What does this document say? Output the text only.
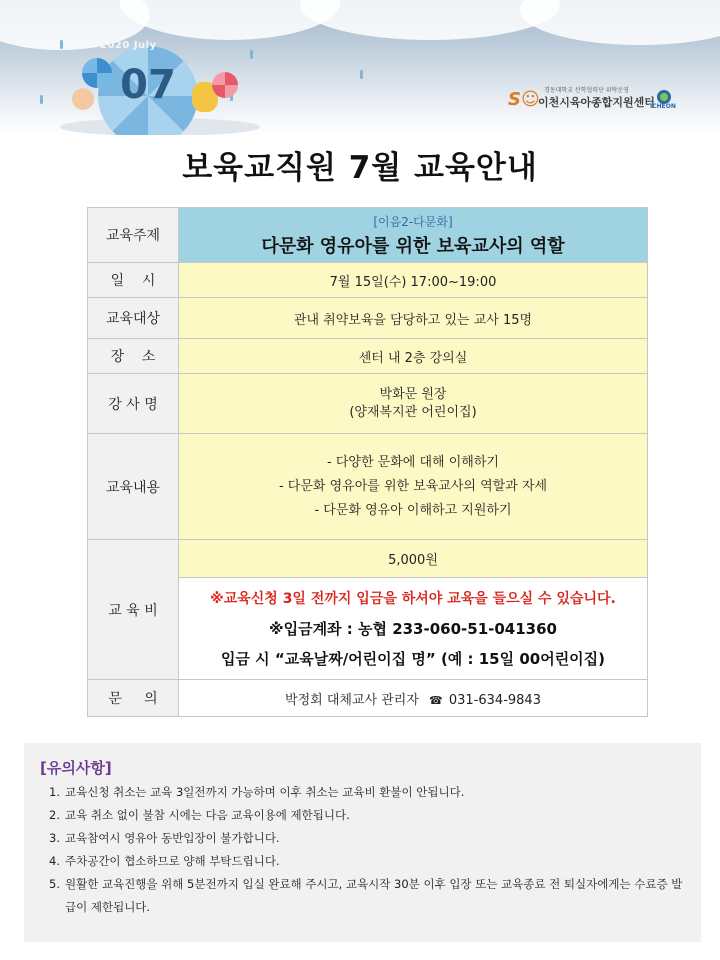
2020 July
07	S☺ 경동대학교 산학협력단 위탁운영
이천시육아종합지원센터
ICHEON
보육교직원 7월 교육안내
교육주제	[이음2-다문화]
다문화 영유아를 위한 보육교사의 역할

일    시	7월 15일(수) 17:00~19:00
교육대상	관내 취약보육을 담당하고 있는 교사 15명
장    소	센터 내 2층 강의실
강 사 명	박화문 원장
(양재복지관 어린이집)

교육내용	- 다양한 문화에 대해 이해하기
- 다문화 영유아를 위한 보육교사의 역할과 자세
- 다문화 영유아 이해하고 지원하기

교 육 비	5,000원

	※교육신청 3일 전까지 입금을 하셔야 교육을 들으실 수 있습니다.
※입금계좌 : 농협 233-060-51-041360
입금 시 “교육날짜/어린이집 명” (예 : 15일 00어린이집)

문     의	박정회 대체교사 관리자 ☎ 031-634-9843
[유의사항]
1. 교육신청 취소는 교육 3일전까지 가능하며 이후 취소는 교육비 환불이 안됩니다.
2. 교육 취소 없이 불참 시에는 다음 교육이용에 제한됩니다.
3. 교육참여시 영유아 동반입장이 불가합니다.
4. 주차공간이 협소하므로 양해 부탁드립니다.
5. 원활한 교육진행을 위해 5분전까지 입실 완료해 주시고, 교육시작 30분 이후 입장 또는 교육종료 전 퇴실자에게는 수료증 발급이 제한됩니다.
